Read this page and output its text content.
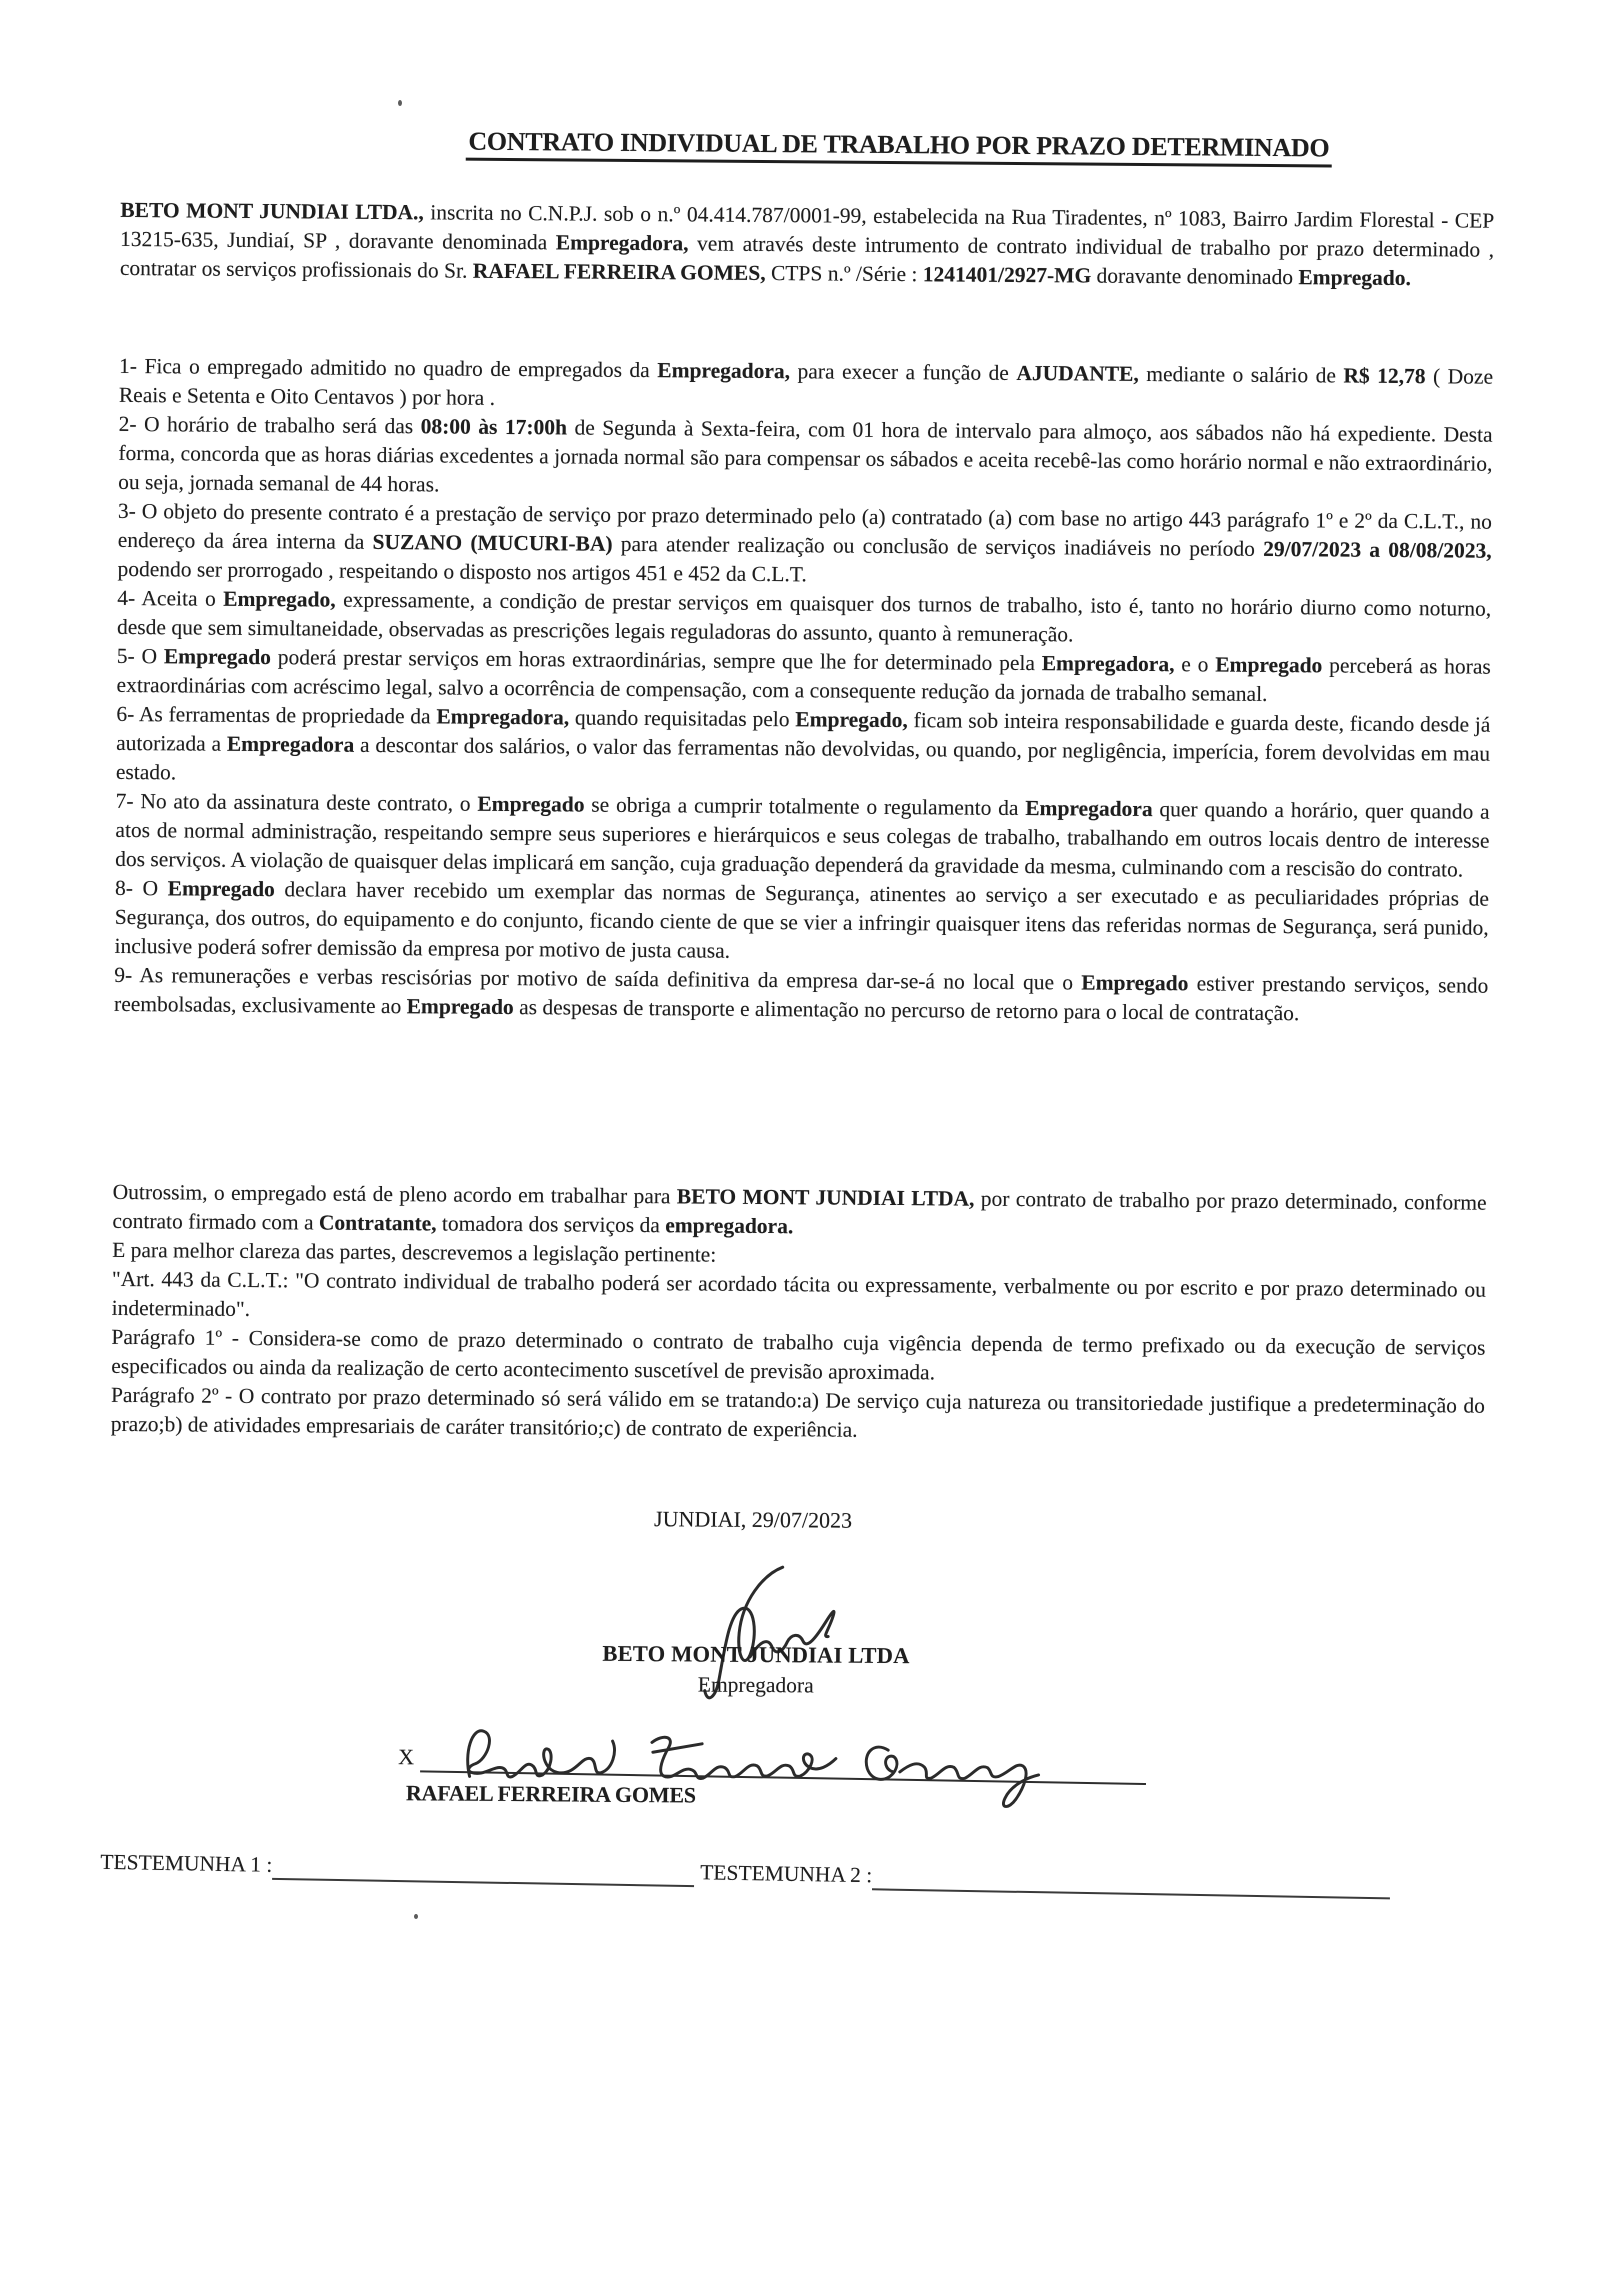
CONTRATO INDIVIDUAL DE TRABALHO POR PRAZO DETERMINADO

BETO MONT JUNDIAI LTDA., inscrita no C.N.P.J. sob o n.º 04.414.787/0001-99, estabelecida na Rua Tiradentes, nº 1083, Bairro Jardim Florestal - CEP 13215-635, Jundiaí, SP , doravante denominada Empregadora, vem através deste intrumento de contrato individual de trabalho por prazo determinado , contratar os serviços profissionais do Sr. RAFAEL FERREIRA GOMES, CTPS n.º /Série : 1241401/2927-MG doravante denominado Empregado.

1- Fica o empregado admitido no quadro de empregados da Empregadora, para execer a função de AJUDANTE, mediante o salário de R$ 12,78 ( Doze Reais e Setenta e Oito Centavos ) por hora .

2- O horário de trabalho será das 08:00 às 17:00h de Segunda à Sexta-feira, com 01 hora de intervalo para almoço, aos sábados não há expediente. Desta forma, concorda que as horas diárias excedentes a jornada normal são para compensar os sábados e aceita recebê-las como horário normal e não extraordinário, ou seja, jornada semanal de 44 horas.

3- O objeto do presente contrato é a prestação de serviço por prazo determinado pelo (a) contratado (a) com base no artigo 443 parágrafo 1º e 2º da C.L.T., no endereço da área interna da SUZANO (MUCURI-BA) para atender realização ou conclusão de serviços inadiáveis no período 29/07/2023 a 08/08/2023, podendo ser prorrogado , respeitando o disposto nos artigos 451 e 452 da C.L.T.

4- Aceita o Empregado, expressamente, a condição de prestar serviços em quaisquer dos turnos de trabalho, isto é, tanto no horário diurno como noturno, desde que sem simultaneidade, observadas as prescrições legais reguladoras do assunto, quanto à remuneração.

5- O Empregado poderá prestar serviços em horas extraordinárias, sempre que lhe for determinado pela Empregadora, e o Empregado perceberá as horas extraordinárias com acréscimo legal, salvo a ocorrência de compensação, com a consequente redução da jornada de trabalho semanal.

6- As ferramentas de propriedade da Empregadora, quando requisitadas pelo Empregado, ficam sob inteira responsabilidade e guarda deste, ficando desde já autorizada a Empregadora a descontar dos salários, o valor das ferramentas não devolvidas, ou quando, por negligência, imperícia, forem devolvidas em mau estado.

7- No ato da assinatura deste contrato, o Empregado se obriga a cumprir totalmente o regulamento da Empregadora quer quando a horário, quer quando a atos de normal administração, respeitando sempre seus superiores e hierárquicos e seus colegas de trabalho, trabalhando em outros locais dentro de interesse dos serviços. A violação de quaisquer delas implicará em sanção, cuja graduação dependerá da gravidade da mesma, culminando com a rescisão do contrato.

8- O Empregado declara haver recebido um exemplar das normas de Segurança, atinentes ao serviço a ser executado e as peculiaridades próprias de Segurança, dos outros, do equipamento e do conjunto, ficando ciente de que se vier a infringir quaisquer itens das referidas normas de Segurança, será punido, inclusive poderá sofrer demissão da empresa por motivo de justa causa.

9- As remunerações e verbas rescisórias por motivo de saída definitiva da empresa dar-se-á no local que o Empregado estiver prestando serviços, sendo reembolsadas, exclusivamente ao Empregado as despesas de transporte e alimentação no percurso de retorno para o local de contratação.

Outrossim, o empregado está de pleno acordo em trabalhar para BETO MONT JUNDIAI LTDA, por contrato de trabalho por prazo determinado, conforme contrato firmado com a Contratante, tomadora dos serviços da empregadora.

E para melhor clareza das partes, descrevemos a legislação pertinente:

"Art. 443 da C.L.T.: "O contrato individual de trabalho poderá ser acordado tácita ou expressamente, verbalmente ou por escrito e por prazo determinado ou indeterminado".

Parágrafo 1º - Considera-se como de prazo determinado o contrato de trabalho cuja vigência dependa de termo prefixado ou da execução de serviços especificados ou ainda da realização de certo acontecimento suscetível de previsão aproximada.

Parágrafo 2º - O contrato por prazo determinado só será válido em se tratando:a) De serviço cuja natureza ou transitoriedade justifique a predeterminação do prazo;b) de atividades empresariais de caráter transitório;c) de contrato de experiência.

JUNDIAI, 29/07/2023
BETO MONT JUNDIAI LTDA
Empregadora
X
RAFAEL FERREIRA GOMES
TESTEMUNHA 1 :	TESTEMUNHA 2 :
